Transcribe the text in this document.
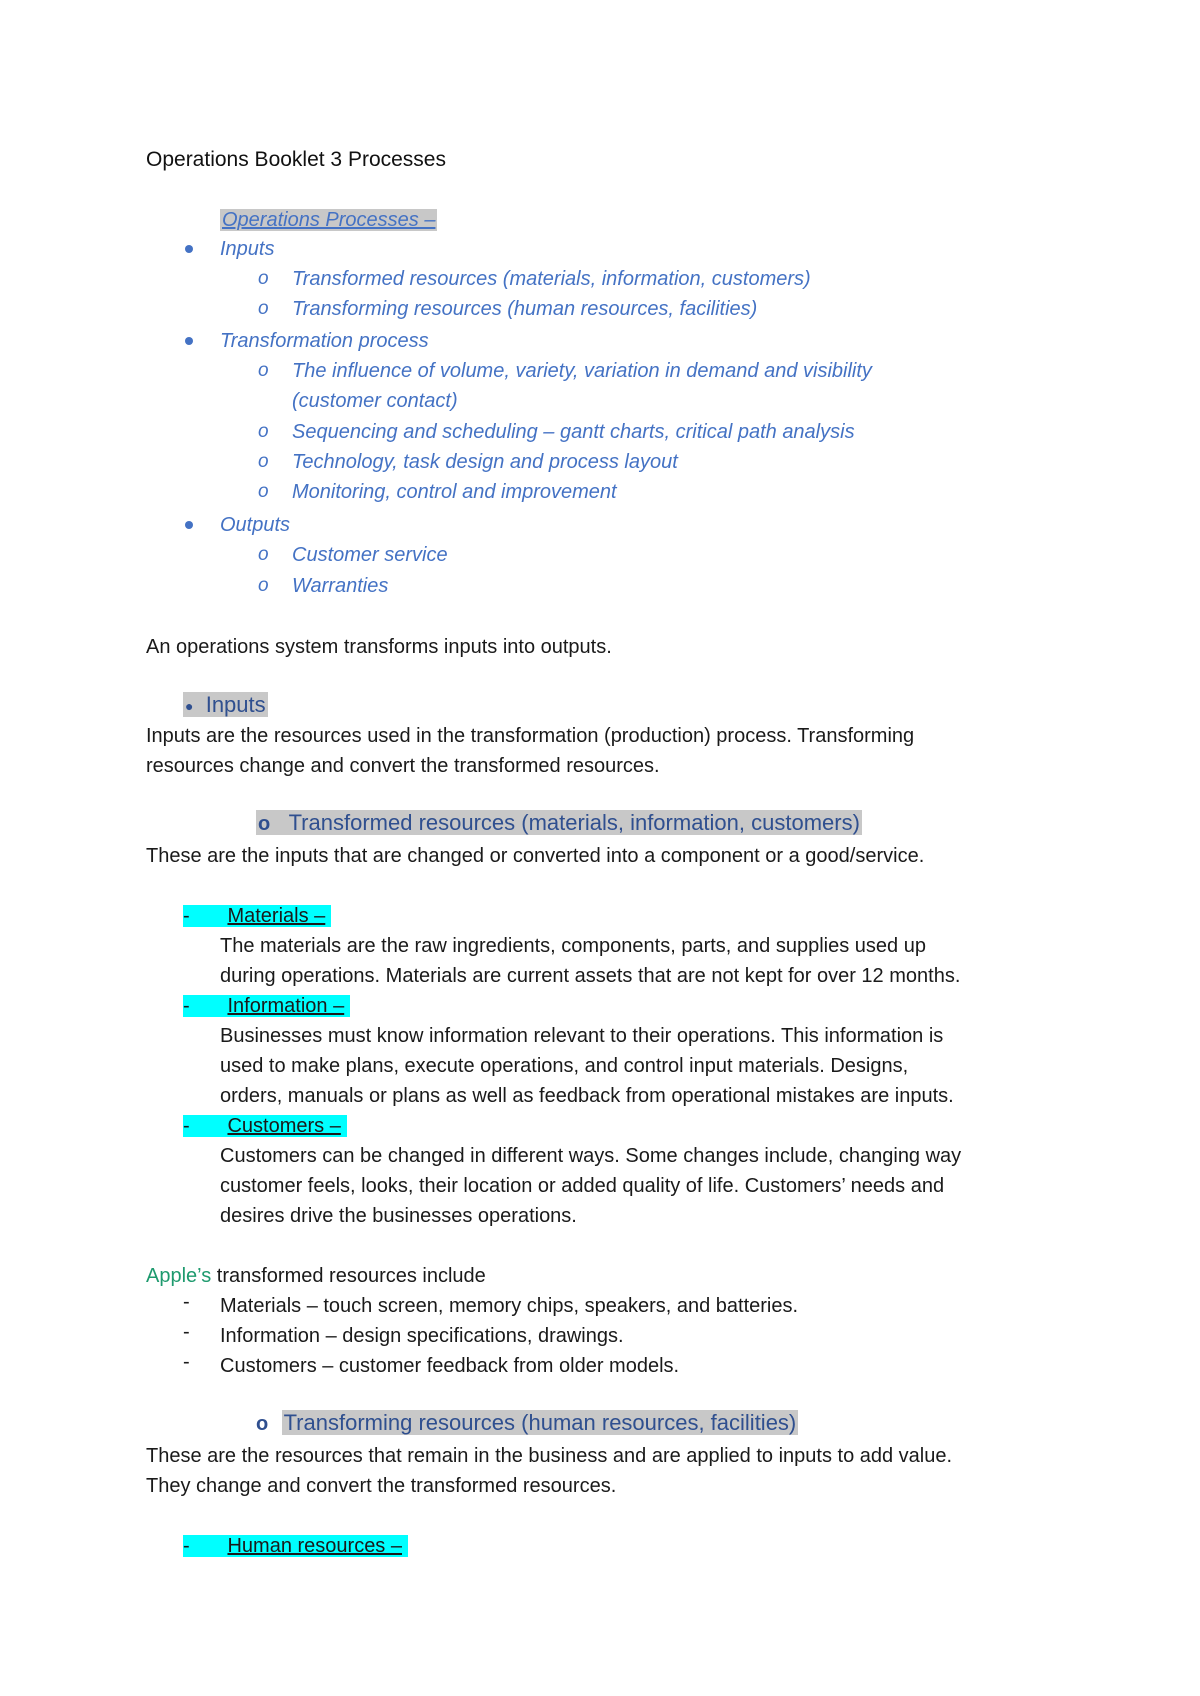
Operations Booklet 3 Processes
Operations Processes –
Inputs
o Transformed resources (materials, information, customers)
o Transforming resources (human resources, facilities)
Transformation process
o The influence of volume, variety, variation in demand and visibility
(customer contact)
o Sequencing and scheduling – gantt charts, critical path analysis
o Technology, task design and process layout
o Monitoring, control and improvement
Outputs
o Customer service
o Warranties
An operations system transforms inputs into outputs.
● Inputs
Inputs are the resources used in the transformation (production) process. Transforming
resources change and convert the transformed resources.
o Transformed resources (materials, information, customers)
These are the inputs that are changed or converted into a component or a good/service.
- Materials –
The materials are the raw ingredients, components, parts, and supplies used up
during operations. Materials are current assets that are not kept for over 12 months.
- Information –
Businesses must know information relevant to their operations. This information is
used to make plans, execute operations, and control input materials. Designs,
orders, manuals or plans as well as feedback from operational mistakes are inputs.
- Customers –
Customers can be changed in different ways. Some changes include, changing way
customer feels, looks, their location or added quality of life. Customers’ needs and
desires drive the businesses operations.
Apple’s transformed resources include
- Materials – touch screen, memory chips, speakers, and batteries.
- Information – design specifications, drawings.
- Customers – customer feedback from older models.
o Transforming resources (human resources, facilities)
These are the resources that remain in the business and are applied to inputs to add value.
They change and convert the transformed resources.
- Human resources –
